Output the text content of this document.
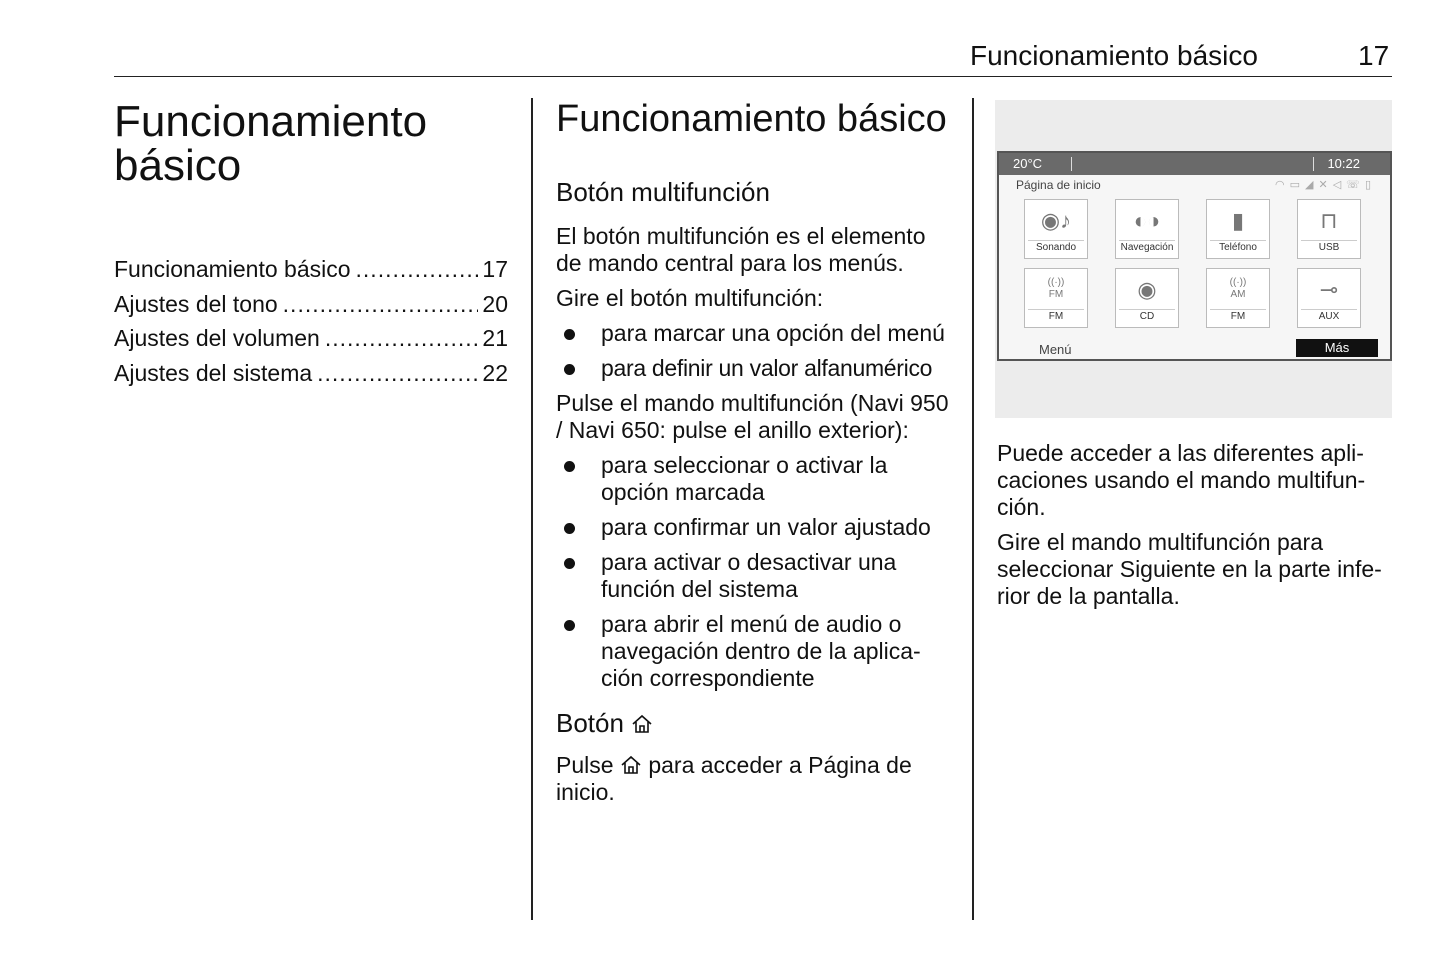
Funcionamiento básico	17
Funcionamiento
básico
Funcionamiento básico .....	17
Ajustes del tono .....	20
Ajustes del volumen .....	21
Ajustes del sistema .....	22
Funcionamiento básico
Botón multifunción

El botón multifunción es el elemento de mando central para los menús.

Gire el botón multifunción:

para marcar una opción del menú
para definir un valor alfanumérico

Pulse el mando multifunción (Navi 950 / Navi 650: pulse el anillo exterior):

para seleccionar o activar la opción marcada
para confirmar un valor ajustado
para activar o desactivar una función del sistema
para abrir el menú de audio o navegación dentro de la aplica- ción correspondiente
Botón

Pulse para acceder a Página de inicio.

20°C	10:22
Página de inicio	◠▭◢✕◁☏▯
◉♪
Sonando
◐◑
Navegación
▮
Teléfono
⊓
USB
((·))
FM
FM
◉
CD
((·))
AM
FM
⊸
AUX
Menú	Más

Puede acceder a las diferentes apli- caciones usando el mando multifun- ción.

Gire el mando multifunción para seleccionar Siguiente en la parte infe- rior de la pantalla.
